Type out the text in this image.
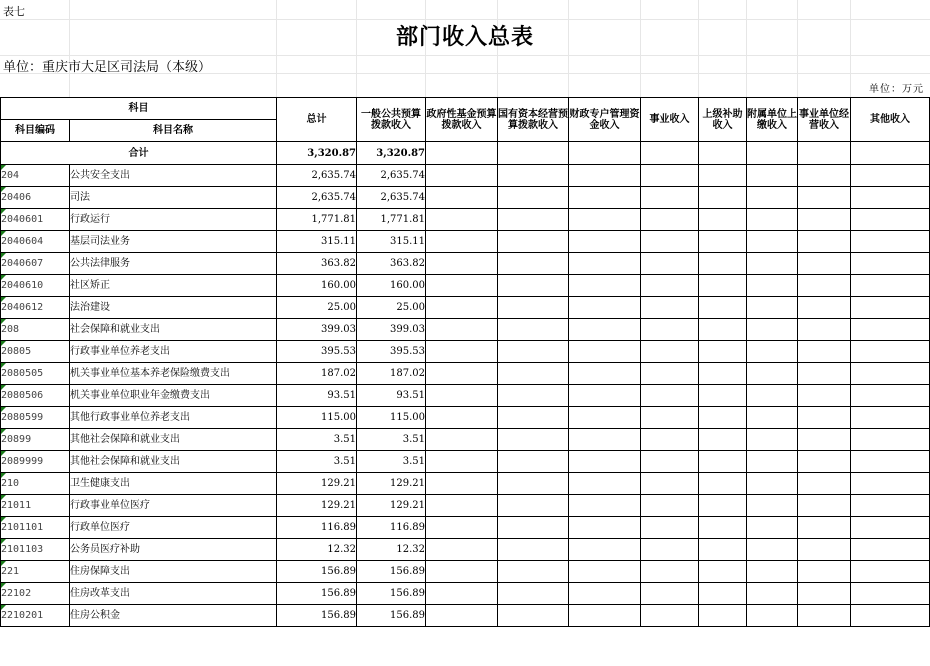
表七
部门收入总表
单位：重庆市大足区司法局（本级）
单位：万元
科目		总计	一般公共预算拨款收入	政府性基金预算拨款收入	国有资本经营预算拨款收入	财政专户管理资金收入	事业收入	上级补助收入	附属单位上缴收入	事业单位经营收入	其他收入
科目编码	科目名称										
合计		3,320.87	3,320.87								
204	公共安全支出	2,635.74	2,635.74								
20406	司法	2,635.74	2,635.74								
2040601	行政运行	1,771.81	1,771.81								
2040604	基层司法业务	315.11	315.11								
2040607	公共法律服务	363.82	363.82								
2040610	社区矫正	160.00	160.00								
2040612	法治建设	25.00	25.00								
208	社会保障和就业支出	399.03	399.03								
20805	行政事业单位养老支出	395.53	395.53								
2080505	机关事业单位基本养老保险缴费支出	187.02	187.02								
2080506	机关事业单位职业年金缴费支出	93.51	93.51								
2080599	其他行政事业单位养老支出	115.00	115.00								
20899	其他社会保障和就业支出	3.51	3.51								
2089999	其他社会保障和就业支出	3.51	3.51								
210	卫生健康支出	129.21	129.21								
21011	行政事业单位医疗	129.21	129.21								
2101101	行政单位医疗	116.89	116.89								
2101103	公务员医疗补助	12.32	12.32								
221	住房保障支出	156.89	156.89								
22102	住房改革支出	156.89	156.89								
2210201	住房公积金	156.89	156.89								
